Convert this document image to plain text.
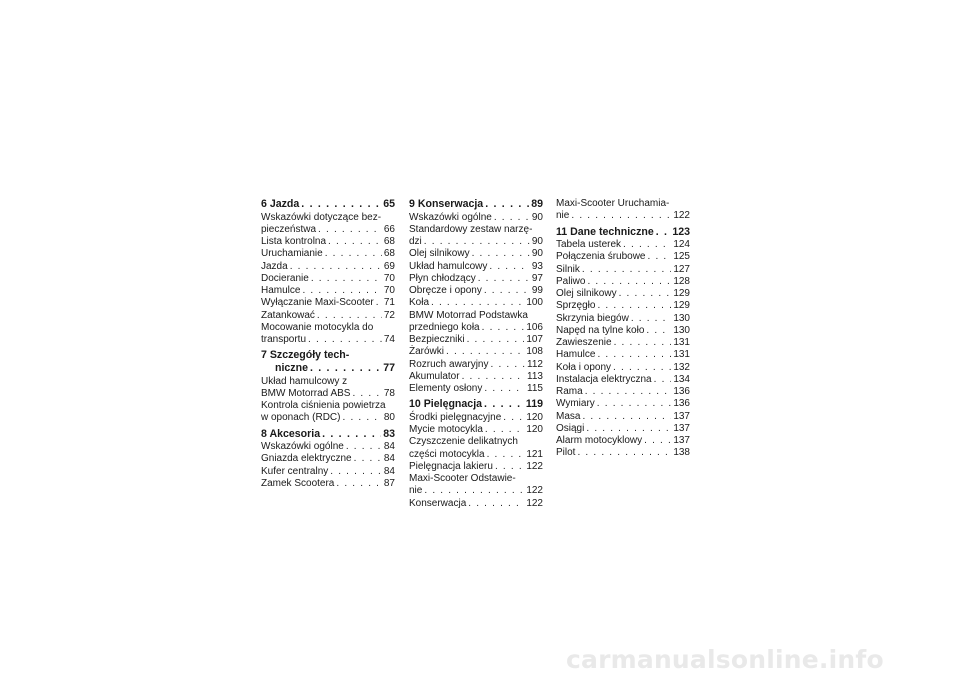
6 Jazda . . .	65
Wskazówki dotyczące bez-
pieczeństwa . . .	66
Lista kontrolna . . .	68
Uruchamianie . . .	68
Jazda . . .	69
Docieranie . . .	70
Hamulce . . .	70
Wyłączanie Maxi-Scooter . . . 71
Zatankować . . .	72
Mocowanie motocykla do
transportu . . .	74
7 Szczegóły tech-
niczne . . .	77
Układ hamulcowy z
BMW Motorrad ABS . . .	78
Kontrola ciśnienia powietrza
w oponach (RDC) . . .	80
8 Akcesoria . . .	83
Wskazówki ogólne . . .	84
Gniazda elektryczne . . .	84
Kufer centralny . . .	84
Zamek Scootera . . .	87
9 Konserwacja . . .	89
Wskazówki ogólne . . .	90
Standardowy zestaw narzę-
dzi . . .	90
Olej silnikowy . . .	90
Układ hamulcowy . . .	93
Płyn chłodzący . . .	97
Obręcze i opony . . .	99
Koła . . .	100
BMW Motorrad Podstawka
przedniego koła . . .	106
Bezpieczniki . . .	107
Żarówki . . .	108
Rozruch awaryjny . . .	112
Akumulator . . .	113
Elementy osłony . . .	115
10 Pielęgnacja . . .	119
Środki pielęgnacyjne . . .	120
Mycie motocykla . . .	120
Czyszczenie delikatnych
części motocykla . . .	121
Pielęgnacja lakieru . . .	122
Maxi-Scooter Odstawie-
nie . . .	122
Konserwacja . . .	122
Maxi-Scooter Uruchamia-
nie . . .	122
11 Dane techniczne . . . 123
Tabela usterek . . .	124
Połączenia śrubowe . . .	125
Silnik . . .	127
Paliwo . . .	128
Olej silnikowy . . .	129
Sprzęgło . . .	129
Skrzynia biegów . . .	130
Napęd na tylne koło . . .	130
Zawieszenie . . .	131
Hamulce . . .	131
Koła i opony . . .	132
Instalacja elektryczna . . . 134
Rama . . .	136
Wymiary . . .	136
Masa . . .	137
Osiągi . . .	137
Alarm motocyklowy . . .	137
Pilot . . .	138
carmanualsonline.info
